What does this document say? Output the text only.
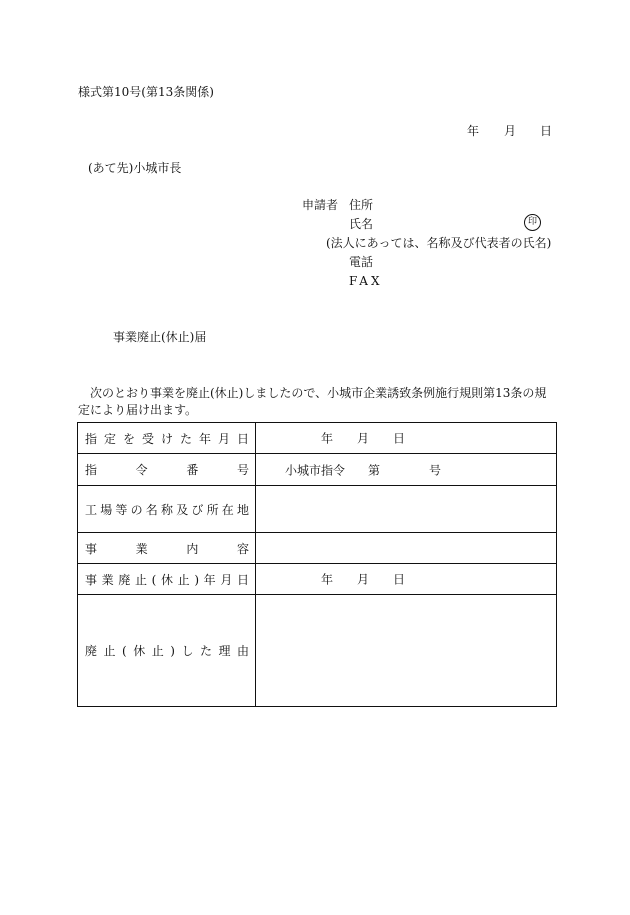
様式第10号(第13条関係)
年 月 日
(あて先)小城市長
申請者 住所
氏名	印
(法人にあっては、名称及び代表者の氏名)
電話
FAX
事業廃止(休止)届
次のとおり事業を廃止(休止)しましたので、小城市企業誘致条例施行規則第13条の規定により届け出ます。
指定を受けた年月日	年 月 日

指令番号	小城市指令 第 号

工場等の名称及び所在地	

事業内容	

事業廃止(休止)年月日	年 月 日

廃止(休止)した理由	
